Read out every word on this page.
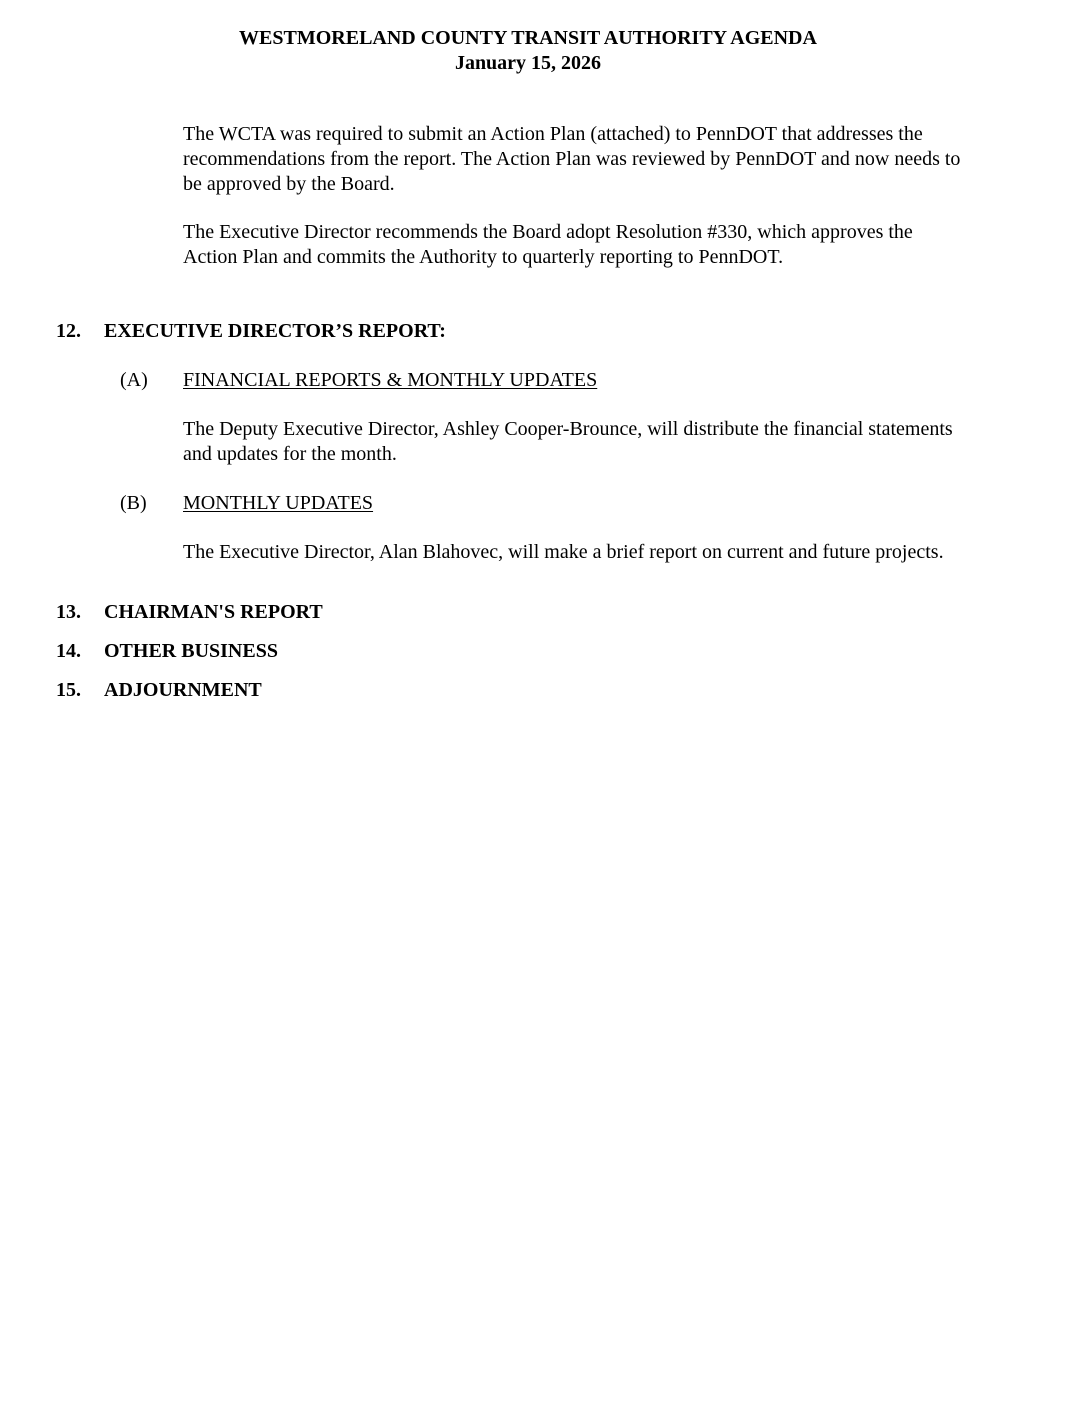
WESTMORELAND COUNTY TRANSIT AUTHORITY AGENDA
January 15, 2026
The WCTA was required to submit an Action Plan (attached) to PennDOT that addresses the
recommendations from the report. The Action Plan was reviewed by PennDOT and now needs to
be approved by the Board.
The Executive Director recommends the Board adopt Resolution #330, which approves the
Action Plan and commits the Authority to quarterly reporting to PennDOT.
12. EXECUTIVE DIRECTOR’S REPORT:
(A) FINANCIAL REPORTS & MONTHLY UPDATES
The Deputy Executive Director, Ashley Cooper-Brounce, will distribute the financial statements
and updates for the month.
(B) MONTHLY UPDATES
The Executive Director, Alan Blahovec, will make a brief report on current and future projects.
13. CHAIRMAN'S REPORT
14. OTHER BUSINESS
15. ADJOURNMENT
